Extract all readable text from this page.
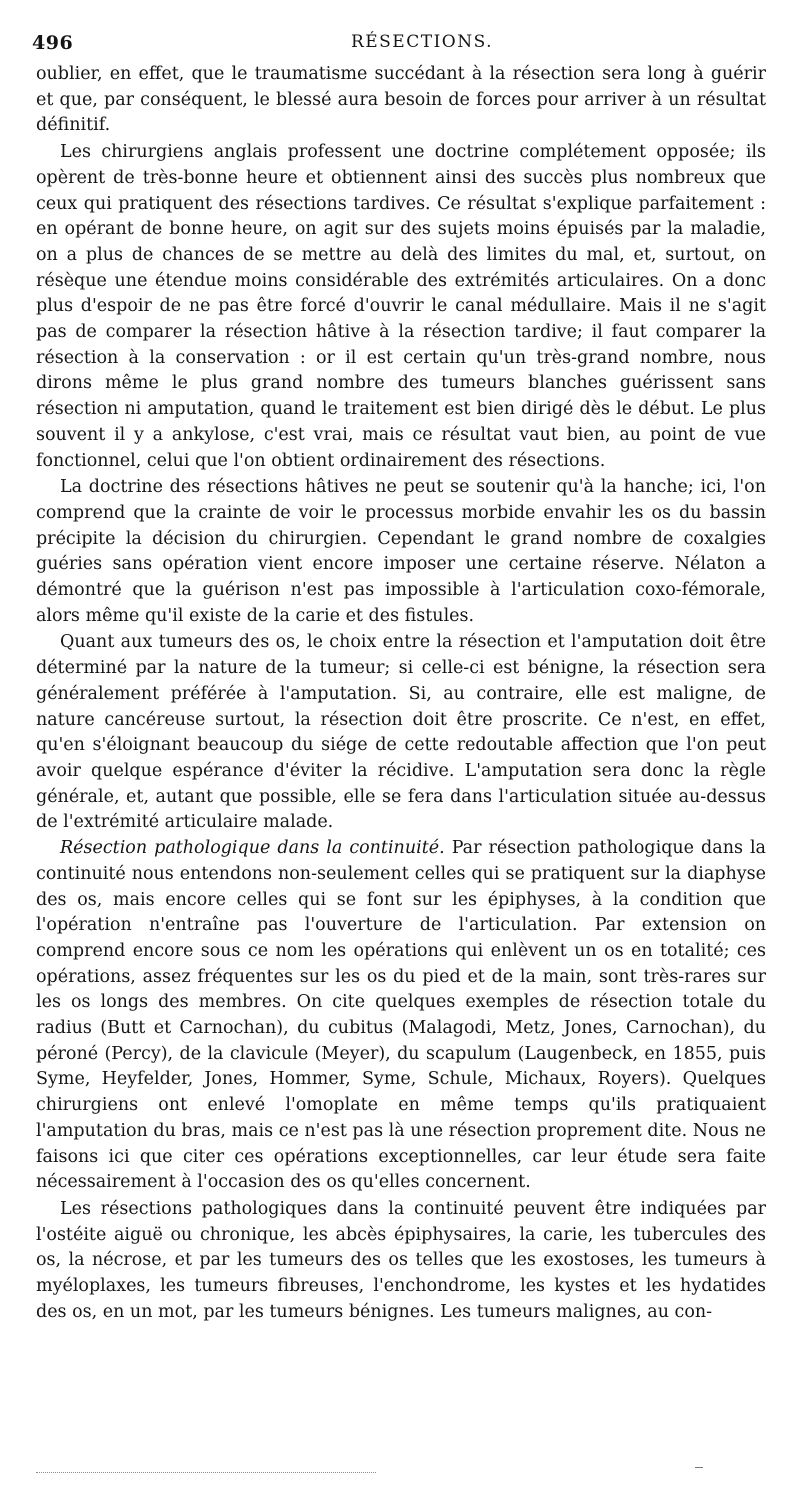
496	RÉSECTIONS.

oublier, en effet, que le traumatisme succédant à la résection sera long à guérir et que, par conséquent, le blessé aura besoin de forces pour arriver à un résultat définitif.

Les chirurgiens anglais professent une doctrine complétement opposée; ils opèrent de très-bonne heure et obtiennent ainsi des succès plus nombreux que ceux qui pratiquent des résections tardives. Ce résultat s'explique parfaitement : en opérant de bonne heure, on agit sur des sujets moins épuisés par la maladie, on a plus de chances de se mettre au delà des limites du mal, et, surtout, on résèque une étendue moins considérable des extrémités articulaires. On a donc plus d'espoir de ne pas être forcé d'ouvrir le canal médullaire. Mais il ne s'agit pas de comparer la résection hâtive à la résection tardive; il faut comparer la résection à la conservation : or il est certain qu'un très-grand nombre, nous dirons même le plus grand nombre des tumeurs blanches guérissent sans résection ni amputation, quand le traitement est bien dirigé dès le début. Le plus souvent il y a ankylose, c'est vrai, mais ce résultat vaut bien, au point de vue fonctionnel, celui que l'on obtient ordinairement des résections.

La doctrine des résections hâtives ne peut se soutenir qu'à la hanche; ici, l'on comprend que la crainte de voir le processus morbide envahir les os du bassin précipite la décision du chirurgien. Cependant le grand nombre de coxalgies guéries sans opération vient encore imposer une certaine réserve. Nélaton a démontré que la guérison n'est pas impossible à l'articulation coxo-fémorale, alors même qu'il existe de la carie et des fistules.

Quant aux tumeurs des os, le choix entre la résection et l'amputation doit être déterminé par la nature de la tumeur; si celle-ci est bénigne, la résection sera généralement préférée à l'amputation. Si, au contraire, elle est maligne, de nature cancéreuse surtout, la résection doit être proscrite. Ce n'est, en effet, qu'en s'éloignant beaucoup du siége de cette redoutable affection que l'on peut avoir quelque espérance d'éviter la récidive. L'amputation sera donc la règle générale, et, autant que possible, elle se fera dans l'articulation située au-dessus de l'extrémité articulaire malade.

Résection pathologique dans la continuité. Par résection pathologique dans la continuité nous entendons non-seulement celles qui se pratiquent sur la diaphyse des os, mais encore celles qui se font sur les épiphyses, à la condition que l'opération n'entraîne pas l'ouverture de l'articulation. Par extension on comprend encore sous ce nom les opérations qui enlèvent un os en totalité; ces opérations, assez fréquentes sur les os du pied et de la main, sont très-rares sur les os longs des membres. On cite quelques exemples de résection totale du radius (Butt et Carnochan), du cubitus (Malagodi, Metz, Jones, Carnochan), du péroné (Percy), de la clavicule (Meyer), du scapulum (Laugenbeck, en 1855, puis Syme, Heyfelder, Jones, Hommer, Syme, Schule, Michaux, Royers). Quelques chirurgiens ont enlevé l'omoplate en même temps qu'ils pratiquaient l'amputation du bras, mais ce n'est pas là une résection proprement dite. Nous ne faisons ici que citer ces opérations exceptionnelles, car leur étude sera faite nécessairement à l'occasion des os qu'elles concernent.

Les résections pathologiques dans la continuité peuvent être indiquées par l'ostéite aiguë ou chronique, les abcès épiphysaires, la carie, les tubercules des os, la nécrose, et par les tumeurs des os telles que les exostoses, les tumeurs à myéloplaxes, les tumeurs fibreuses, l'enchondrome, les kystes et les hydatides des os, en un mot, par les tumeurs bénignes. Les tumeurs malignes, au con-
